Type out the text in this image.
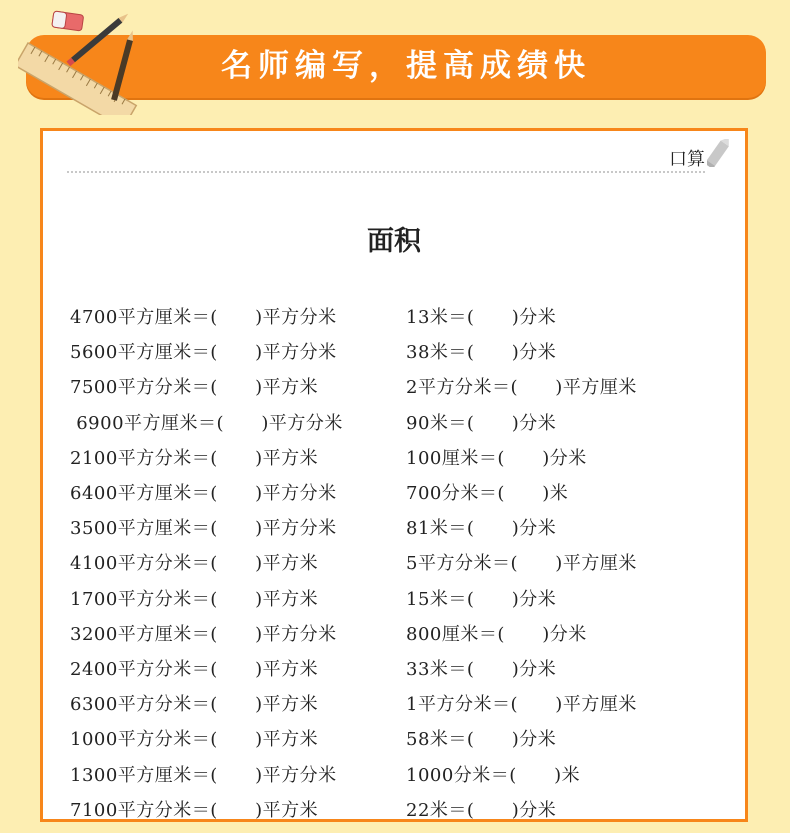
名师编写，提高成绩快
口算
面积
4700平方厘米＝(      )平方分米	13米＝(      )分米
5600平方厘米＝(      )平方分米	38米＝(      )分米
7500平方分米＝(      )平方米	2平方分米＝(      )平方厘米
6900平方厘米＝(      )平方分米	90米＝(      )分米
2100平方分米＝(      )平方米	100厘米＝(      )分米
6400平方厘米＝(      )平方分米	700分米＝(      )米
3500平方厘米＝(      )平方分米	81米＝(      )分米
4100平方分米＝(      )平方米	5平方分米＝(      )平方厘米
1700平方分米＝(      )平方米	15米＝(      )分米
3200平方厘米＝(      )平方分米	800厘米＝(      )分米
2400平方分米＝(      )平方米	33米＝(      )分米
6300平方分米＝(      )平方米	1平方分米＝(      )平方厘米
1000平方分米＝(      )平方米	58米＝(      )分米
1300平方厘米＝(      )平方分米	1000分米＝(      )米
7100平方分米＝(      )平方米	22米＝(      )分米
